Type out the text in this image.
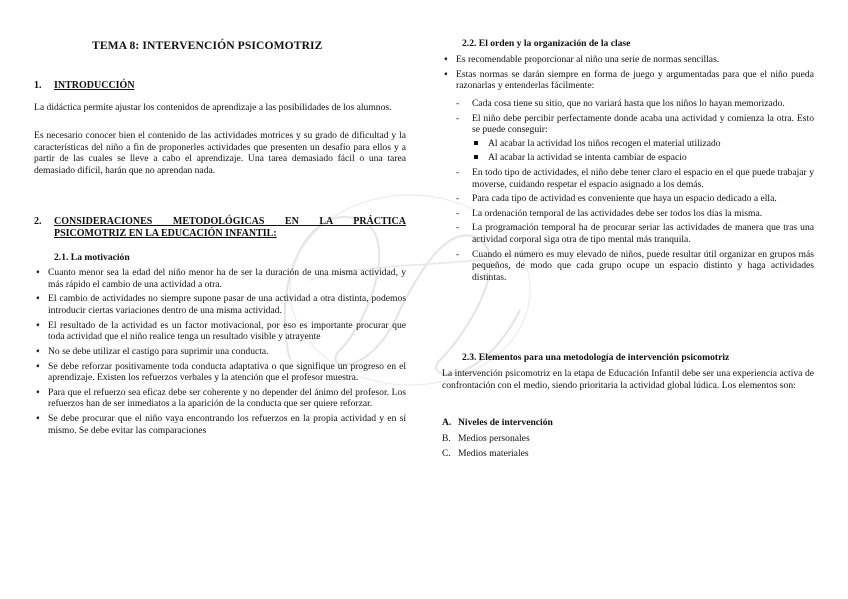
TEMA 8: INTERVENCIÓN PSICOMOTRIZ
1.	INTRODUCCIÓN
La didáctica permite ajustar los contenidos de aprendizaje a las posibilidades de los alumnos.
Es necesario conocer bien el contenido de las actividades motrices y su grado de dificultad y la características del niño a fin de proponerles actividades que presenten un desafío para ellos y a partir de las cuales se lleve a cabo el aprendizaje. Una tarea demasiado fácil o una tarea demasiado difícil, harán que no aprendan nada.
2.	CONSIDERACIONES METODOLÓGICAS EN LA PRÁCTICA PSICOMOTRIZ EN LA EDUCACIÓN INFANTIL:
2.1. La motivación
➧ Cuanto menor sea la edad del niño menor ha de ser la duración de una misma actividad, y más rápido el cambio de una actividad a otra.
➧ El cambio de actividades no siempre supone pasar de una actividad a otra distinta, podemos introducir ciertas variaciones dentro de una misma actividad.
➧ El resultado de la actividad es un factor motivacional, por eso es importante procurar que toda actividad que el niño realice tenga un resultado visible y atrayente
➧ No se debe utilizar el castigo para suprimir una conducta.
➧ Se debe reforzar positivamente toda conducta adaptativa o que signifique un progreso en el aprendizaje. Existen los refuerzos verbales y la atención que el profesor muestra.
➧ Para que el refuerzo sea eficaz debe ser coherente y no depender del ánimo del profesor. Los refuerzos han de ser inmediatos a la aparición de la conducta que ser quiere reforzar.
➧ Se debe procurar que el niño vaya encontrando los refuerzos en la propia actividad y en sí mismo. Se debe evitar las comparaciones
2.2. El orden y la organización de la clase
➧ Es recomendable proporcionar al niño una serie de normas sencillas.
➧ Estas normas se darán siempre en forma de juego y argumentadas para que el niño pueda razonarlas y entenderlas fácilmente:
- Cada cosa tiene su sitio, que no variará hasta que los niños lo hayan memorizado.
- El niño debe percibir perfectamente donde acaba una actividad y comienza la otra. Esto se puede conseguir:
Al acabar la actividad los niños recogen el material utilizado
Al acabar la actividad se intenta cambiar de espacio
- En todo tipo de actividades, el niño debe tener claro el espacio en el que puede trabajar y moverse, cuidando respetar el espacio asignado a los demás.
- Para cada tipo de actividad es conveniente que haya un espacio dedicado a ella.
- La ordenación temporal de las actividades debe ser todos los días la misma.
- La programación temporal ha de procurar seriar las actividades de manera que tras una actividad corporal siga otra de tipo mental más tranquila.
- Cuando el número es muy elevado de niños, puede resultar útil organizar en grupos más pequeños, de modo que cada grupo ocupe un espacio distinto y haga actividades distintas.
2.3. Elementos para una metodología de intervención psicomotriz
La intervención psicomotriz en la etapa de Educación Infantil debe ser una experiencia activa de confrontación con el medio, siendo prioritaria la actividad global lúdica. Los elementos son:
A. Niveles de intervención
B. Medios personales
C. Medios materiales
